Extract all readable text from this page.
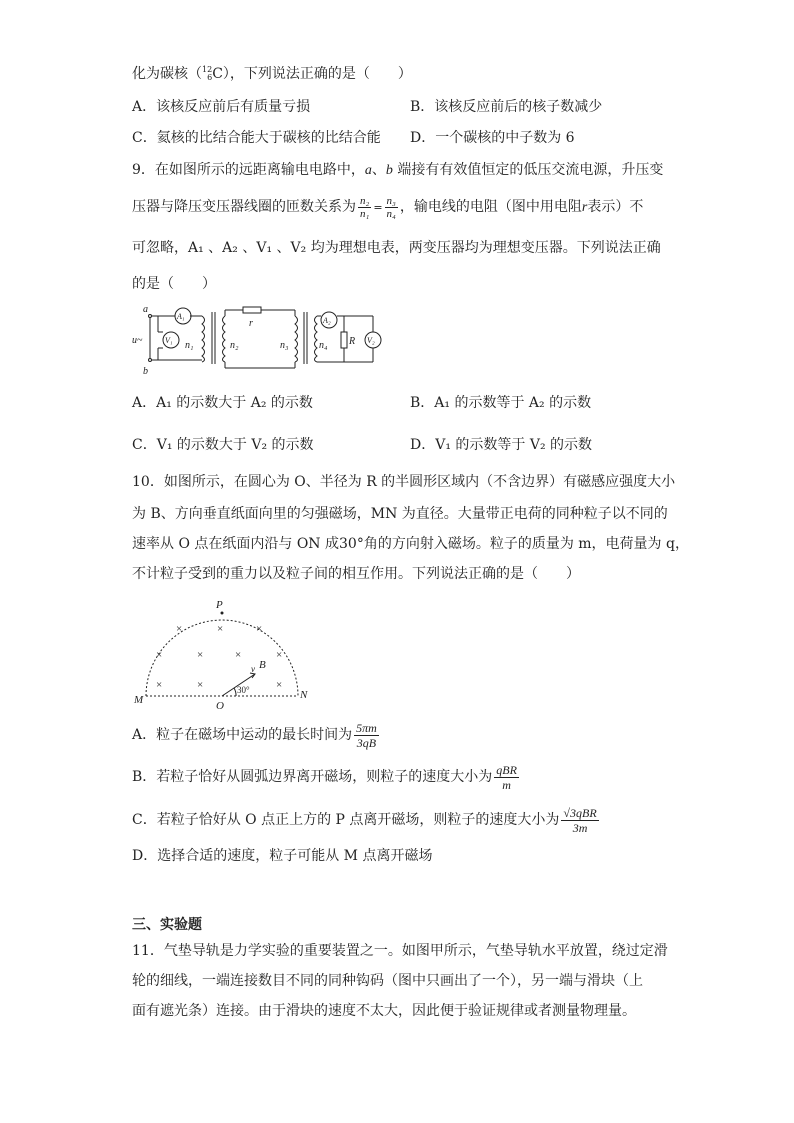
化为碳核（ 12
6 C），下列说法正确的是（　　）
A．该核反应前后有质量亏损	B．该核反应前后的核子数减少
C．氦核的比结合能大于碳核的比结合能 D．一个碳核的中子数为 6
9．在如图所示的远距离输电电路中，a、b 端接有有效值恒定的低压交流电源，升压变
压器与降压变压器线圈的匝数关系为 $\frac{\text{n₂}}{\text{n₁}} = \frac{\text{n₃}}{\text{n₄}}$ ，输电线的电阻（图中用电阻r表示）不
可忽略，A₁ 、A₂ 、V₁ 、V₂ 均为理想电表，两变压器均为理想变压器。下列说法正确
的是（　　）
a
b
u~
A₁
V₁ n₁	n₂
r
n₃
A₂
n₄ R V₂
A．A₁ 的示数大于 A₂ 的示数	B．A₁ 的示数等于 A₂ 的示数
C．V₁ 的示数大于 V₂ 的示数	D．V₁ 的示数等于 V₂ 的示数
10．如图所示，在圆心为 O、半径为 R 的半圆形区域内（不含边界）有磁感应强度大小
为 B、方向垂直纸面向里的匀强磁场，MN 为直径。大量带正电荷的同种粒子以不同的
速率从 O 点在纸面内沿与 ON 成30°角的方向射入磁场。粒子的质量为 m，电荷量为 q，
不计粒子受到的重力以及粒子间的相互作用。下列说法正确的是（　　）
×	×	×
×	×	×	×
×	×	×
P
B
M	N
O
v
30°
A．粒子在磁场中运动的最长时间为 $\frac{5\pi m}{3qB}$
B．若粒子恰好从圆弧边界离开磁场，则粒子的速度大小为 $\frac{\text{qBR}}{m}$
C．若粒子恰好从 O 点正上方的 P 点离开磁场，则粒子的速度大小为 $\frac{\text{√3qBR}}{3m}$
D．选择合适的速度，粒子可能从 M 点离开磁场
三、实验题
11．气垫导轨是力学实验的重要装置之一。如图甲所示，气垫导轨水平放置，绕过定滑
轮的细线，一端连接数目不同的同种钩码（图中只画出了一个），另一端与滑块（上
面有遮光条）连接。由于滑块的速度不太大，因此便于验证规律或者测量物理量。
